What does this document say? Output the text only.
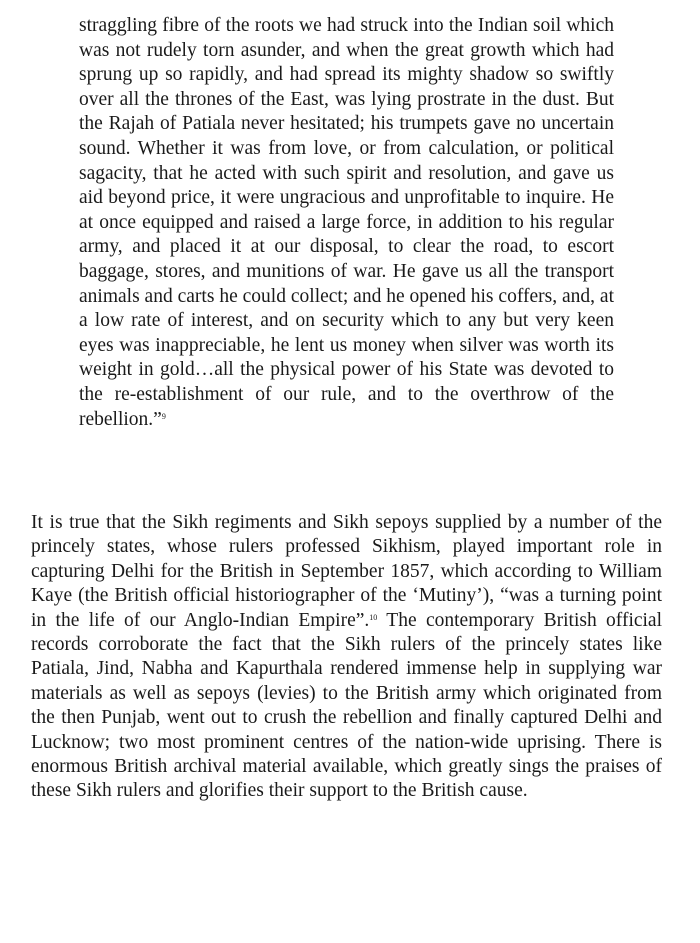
straggling fibre of the roots we had struck into the Indian soil which was not rudely torn asunder, and when the great growth which had sprung up so rapidly, and had spread its mighty shadow so swiftly over all the thrones of the East, was lying prostrate in the dust. But the Rajah of Patiala never hesitated; his trumpets gave no uncertain sound. Whether it was from love, or from calculation, or political sagacity, that he acted with such spirit and resolution, and gave us aid beyond price, it were ungracious and unprofitable to inquire. He at once equipped and raised a large force, in addition to his regular army, and placed it at our disposal, to clear the road, to escort baggage, stores, and munitions of war. He gave us all the transport animals and carts he could collect; and he opened his coffers, and, at a low rate of interest, and on security which to any but very keen eyes was inappreciable, he lent us money when silver was worth its weight in gold…all the physical power of his State was devoted to the re-establishment of our rule, and to the overthrow of the rebellion.”$^9$

It is true that the Sikh regiments and Sikh sepoys supplied by a number of the princely states, whose rulers professed Sikhism, played important role in capturing Delhi for the British in September 1857, which according to William Kaye (the British official historiographer of the ‘Mutiny’), “was a turning point in the life of our Anglo-Indian Empire”.$^{10}$ The contemporary British official records corroborate the fact that the Sikh rulers of the princely states like Patiala, Jind, Nabha and Kapurthala rendered immense help in supplying war materials as well as sepoys (levies) to the British army which originated from the then Punjab, went out to crush the rebellion and finally captured Delhi and Lucknow; two most prominent centres of the nation-wide uprising. There is enormous British archival material available, which greatly sings the praises of these Sikh rulers and glorifies their support to the British cause.
